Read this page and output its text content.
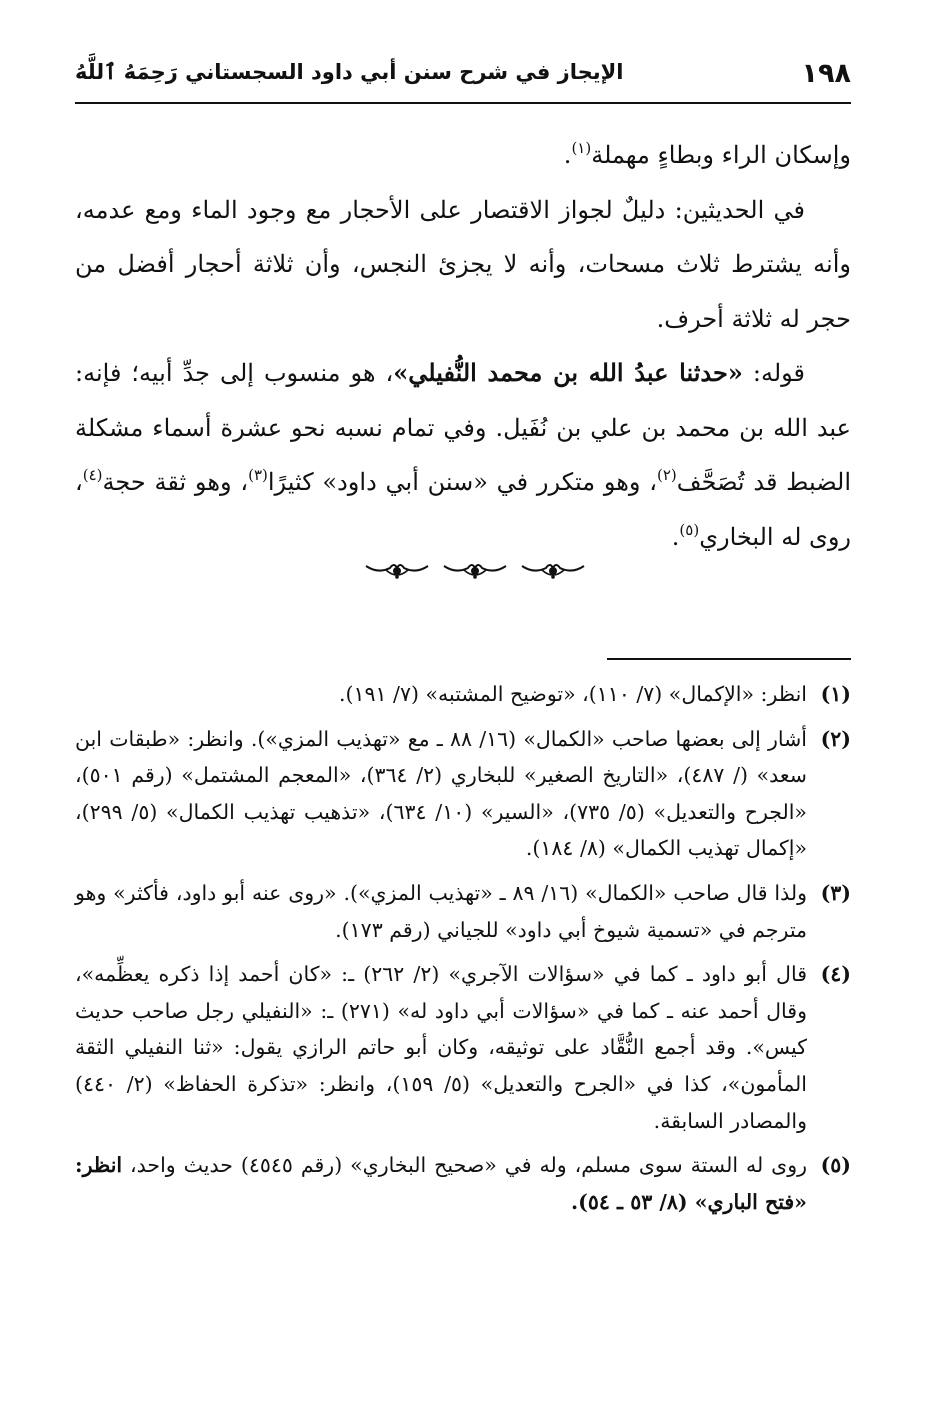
١٩٨
الإيجاز في شرح سنن أبي داود السجستاني رَحِمَهُ ٱللَّهُ

وإسكان الراء وبطاءٍ مهملة$^{(١)}$.

في الحديثين: دليلٌ لجواز الاقتصار على الأحجار مع وجود الماء ومع عدمه، وأنه يشترط ثلاث مسحات، وأنه لا يجزئ النجس، وأن ثلاثة أحجار أفضل من حجر له ثلاثة أحرف.

قوله: «حدثنا عبدُ الله بن محمد النُّفيلي»، هو منسوب إلى جدِّ أبيه؛ فإنه: عبد الله بن محمد بن علي بن نُفَيل. وفي تمام نسبه نحو عشرة أسماء مشكلة الضبط قد تُصَحَّف$^{(٢)}$، وهو متكرر في «سنن أبي داود» كثيرًا$^{(٣)}$، وهو ثقة حجة$^{(٤)}$، روى له البخاري$^{(٥)}$.

(١)
انظر: «الإكمال» (٧/ ١١٠)، «توضيح المشتبه» (٧/ ١٩١).
(٢)
أشار إلى بعضها صاحب «الكمال» (١٦/ ٨٨ ـ مع «تهذيب المزي»). وانظر: «طبقات ابن سعد» (/ ٤٨٧)، «التاريخ الصغير» للبخاري (٢/ ٣٦٤)، «المعجم المشتمل» (رقم ٥٠١)، «الجرح والتعديل» (٥/ ٧٣٥)، «السير» (١٠/ ٦٣٤)، «تذهيب تهذيب الكمال» (٥/ ٢٩٩)، «إكمال تهذيب الكمال» (٨/ ١٨٤).
(٣)
ولذا قال صاحب «الكمال» (١٦/ ٨٩ ـ «تهذيب المزي»). «روى عنه أبو داود، فأكثر» وهو مترجم في «تسمية شيوخ أبي داود» للجياني (رقم ١٧٣).
(٤)
قال أبو داود ـ كما في «سؤالات الآجري» (٢/ ٢٦٢) ـ: «كان أحمد إذا ذكره يعظِّمه»، وقال أحمد عنه ـ كما في «سؤالات أبي داود له» (٢٧١) ـ: «النفيلي رجل صاحب حديث كيس». وقد أجمع النُّقَّاد على توثيقه، وكان أبو حاتم الرازي يقول: «ثنا النفيلي الثقة المأمون»، كذا في «الجرح والتعديل» (٥/ ١٥٩)، وانظر: «تذكرة الحفاظ» (٢/ ٤٤٠) والمصادر السابقة.
(٥)
روى له الستة سوى مسلم، وله في «صحيح البخاري» (رقم ٤٥٤٥) حديث واحد، انظر: «فتح الباري» (٨/ ٥٣ ـ ٥٤).
